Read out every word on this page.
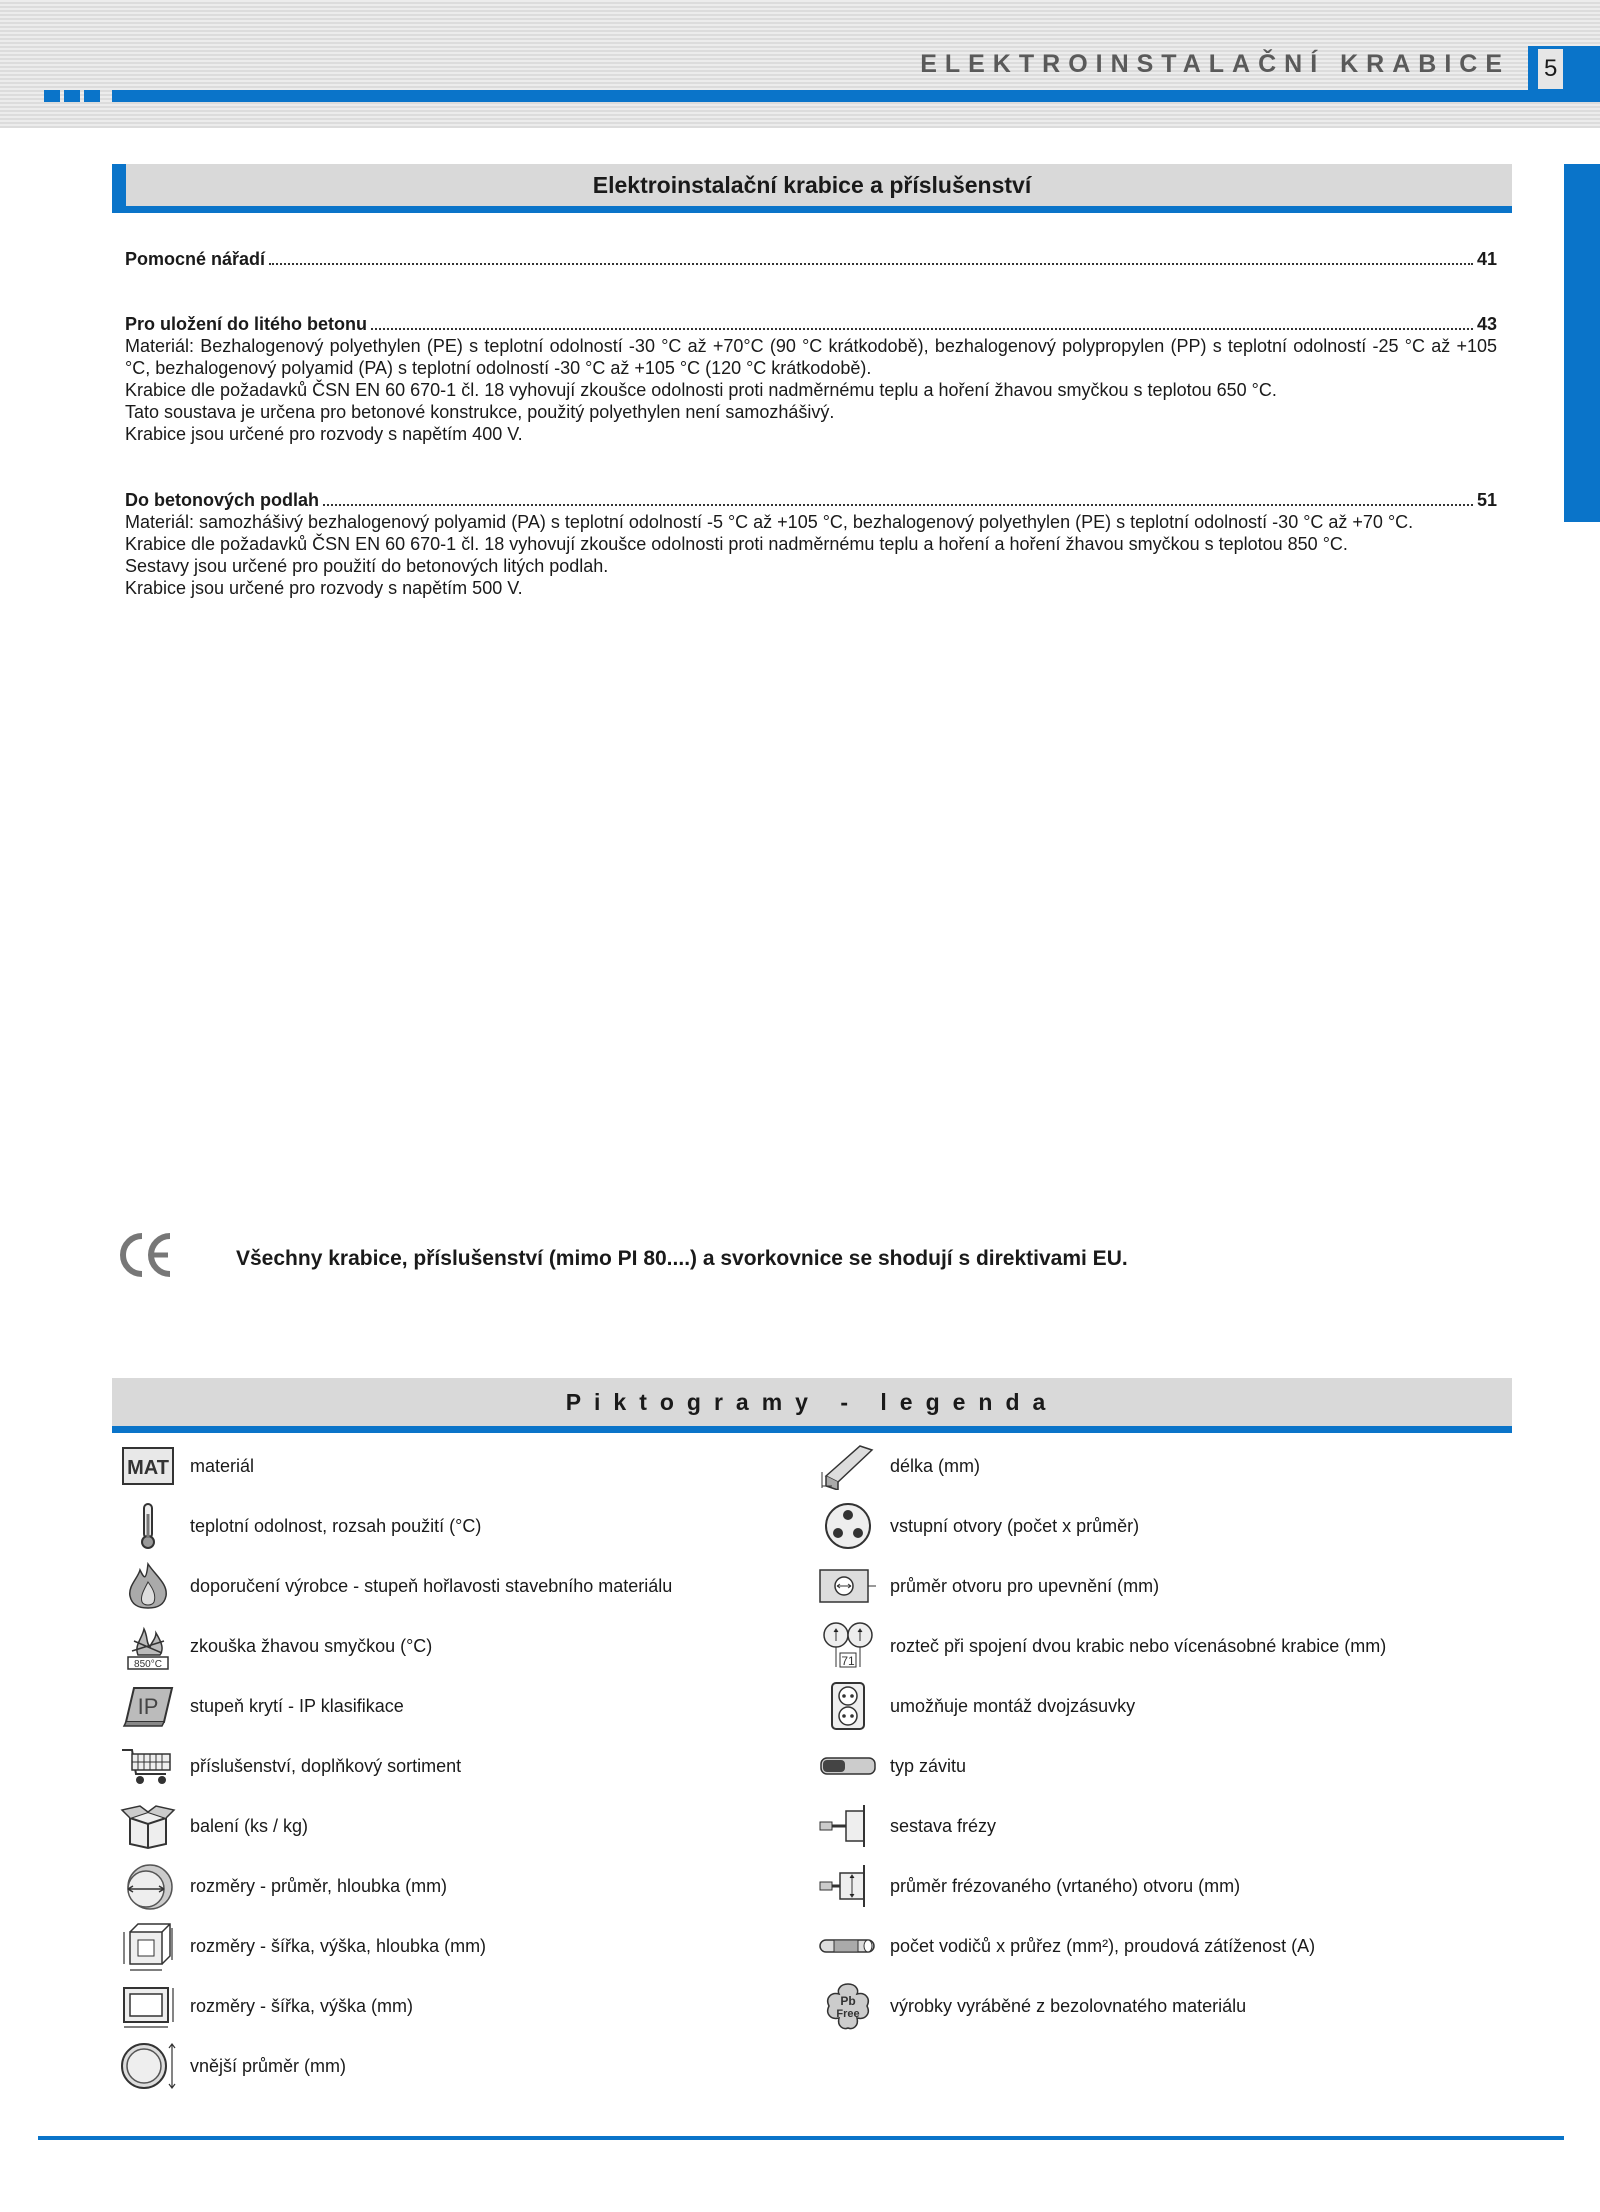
ELEKTROINSTALAČNÍ KRABICE 5
Elektroinstalační krabice a příslušenství
Pomocné nářadí	41
Pro uložení do litého betonu	43

Materiál: Bezhalogenový polyethylen (PE) s teplotní odolností -30 °C až +70°C (90 °C krátkodobě), bezhalogenový polypropylen (PP) s teplotní odolností -25 °C až +105 °C, bezhalogenový polyamid (PA) s teplotní odolností -30 °C až +105 °C (120 °C krátkodobě).

Krabice dle požadavků ČSN EN 60 670-1 čl. 18 vyhovují zkoušce odolnosti proti nadměrnému teplu a hoření žhavou smyčkou s teplotou 650 °C.

Tato soustava je určena pro betonové konstrukce, použitý polyethylen není samozhášivý.

Krabice jsou určené pro rozvody s napětím 400 V.

Do betonových podlah	51

Materiál: samozhášivý bezhalogenový polyamid (PA) s teplotní odolností -5 °C až +105 °C, bezhalogenový polyethylen (PE) s teplotní odolností -30 °C až +70 °C.

Krabice dle požadavků ČSN EN 60 670-1 čl. 18 vyhovují zkoušce odolnosti proti nadměrnému teplu a hoření a hoření žhavou smyčkou s teplotou 850 °C.

Sestavy jsou určené pro použití do betonových litých podlah.

Krabice jsou určené pro rozvody s napětím 500 V.

Všechny krabice, příslušenství (mimo PI 80....) a svorkovnice se shodují s direktivami EU.
Piktogramy - legenda
MAT materiál
teplotní odolnost, rozsah použití (°C)
doporučení výrobce - stupeň hořlavosti stavebního materiálu
850°C
zkouška žhavou smyčkou (°C)
IP stupeň krytí - IP klasifikace
příslušenství, doplňkový sortiment
balení (ks / kg)
rozměry - průměr, hloubka (mm)
rozměry - šířka, výška, hloubka (mm)
rozměry - šířka, výška (mm)
vnější průměr (mm)
délka (mm)
vstupní otvory (počet x průměr)
průměr otvoru pro upevnění (mm)
71
rozteč při spojení dvou krabic nebo vícenásobné krabice (mm)
umožňuje montáž dvojzásuvky
typ závitu
sestava frézy
průměr frézovaného (vrtaného) otvoru (mm)
počet vodičů x průřez (mm²), proudová zátíženost (A)
Pb
Free výrobky vyráběné z bezolovnatého materiálu
